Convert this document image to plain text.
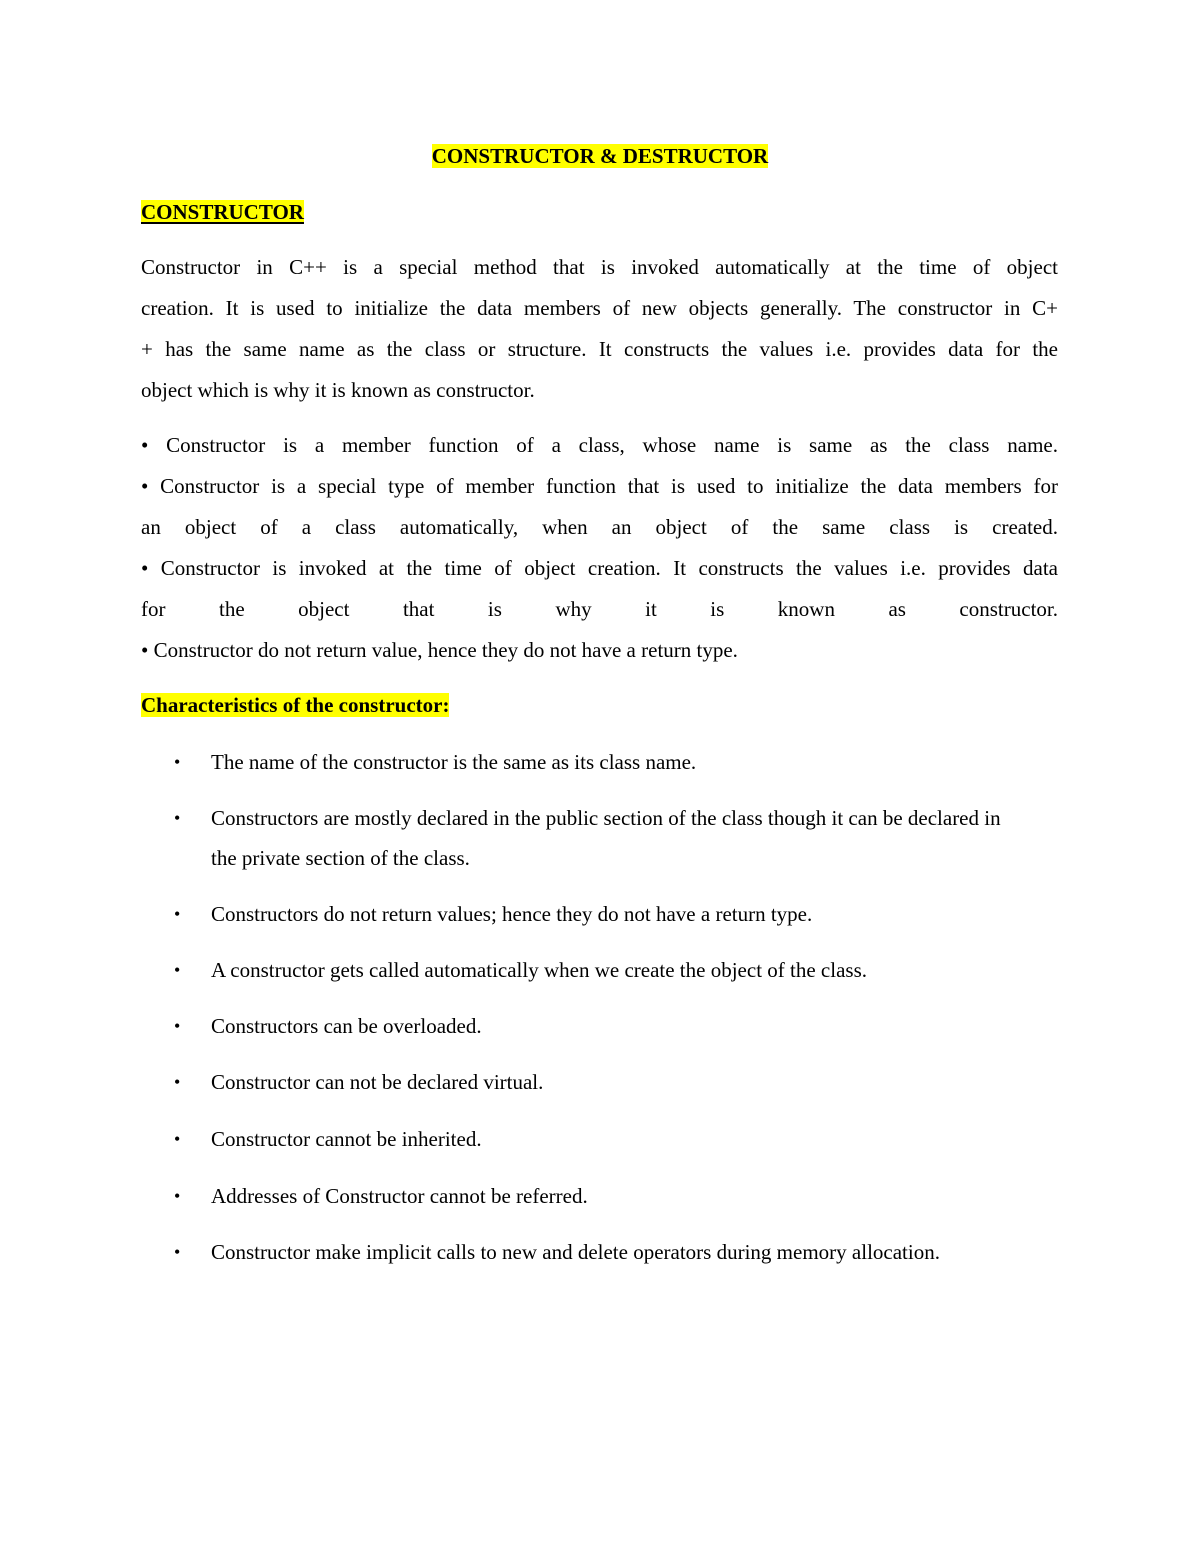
CONSTRUCTOR & DESTRUCTOR
CONSTRUCTOR
Constructor in C++ is a special method that is invoked automatically at the time of object
creation. It is used to initialize the data members of new objects generally. The constructor in C+
+ has the same name as the class or structure. It constructs the values i.e. provides data for the
object which is why it is known as constructor.
• Constructor is a member function of a class, whose name is same as the class name.
• Constructor is a special type of member function that is used to initialize the data members for
an object of a class automatically, when an object of the same class is created.
• Constructor is invoked at the time of object creation. It constructs the values i.e. provides data
for the object that is why it is known as constructor.
• Constructor do not return value, hence they do not have a return type.
Characteristics of the constructor:
• The name of the constructor is the same as its class name.
• Constructors are mostly declared in the public section of the class though it can be declared in the private section of the class.
• Constructors do not return values; hence they do not have a return type.
• A constructor gets called automatically when we create the object of the class.
• Constructors can be overloaded.
• Constructor can not be declared virtual.
• Constructor cannot be inherited.
• Addresses of Constructor cannot be referred.
• Constructor make implicit calls to new and delete operators during memory allocation.
